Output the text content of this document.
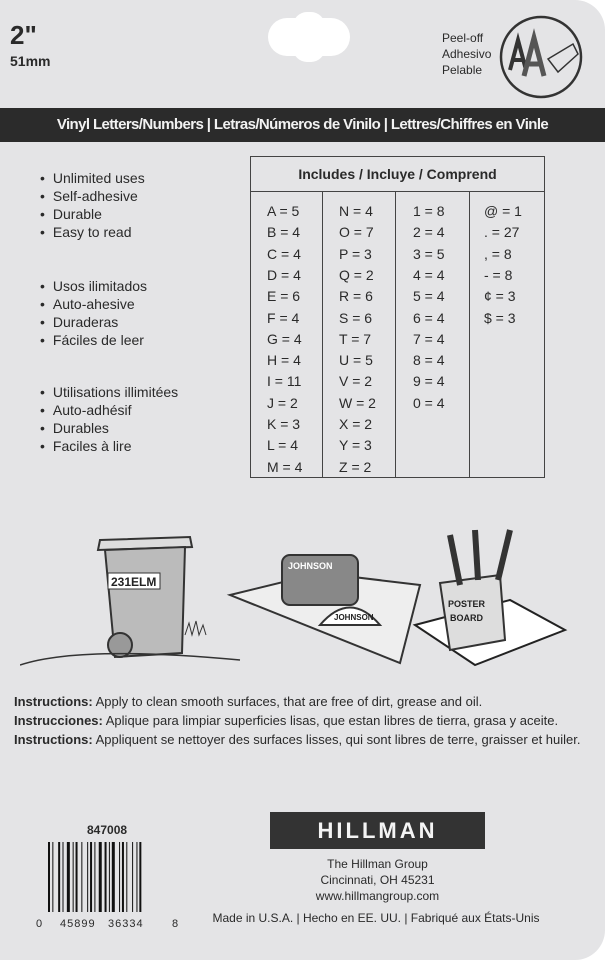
2"
51mm
Peel-off
Adhesivo
Pelable
Vinyl Letters/Numbers | Letras/Números de Vinilo | Lettres/Chiffres en Vinle
• Unlimited uses
• Self-adhesive
• Durable
• Easy to read
• Usos ilimitados
• Auto-ahesive
• Duraderas
• Fáciles de leer
• Utilisations illimitées
• Auto-adhésif
• Durables
• Faciles à lire
Includes / Incluye / Comprend
A = 5
B = 4
C = 4
D = 4
E = 6
F = 4
G = 4
H = 4
I = 11
J = 2
K = 3
L = 4
M = 4
N = 4
O = 7
P = 3
Q = 2
R = 6
S = 6
T = 7
U = 5
V = 2
W = 2
X = 2
Y = 3
Z = 2
1 = 8
2 = 4
3 = 5
4 = 4
5 = 4
6 = 4
7 = 4
8 = 4
9 = 4
0 = 4
@ = 1
. = 27
, = 8
- = 8
¢ = 3
$ = 3
231ELM
JOHNSON
JOHNSON
POSTER
BOARD
Instructions: Apply to clean smooth surfaces, that are free of dirt, grease and oil.
Instrucciones: Aplique para limpiar superficies lisas, que estan libres de tierra, grasa y aceite.
Instructions: Appliquent se nettoyer des surfaces lisses, qui sont libres de terre, graisser et huiler.
847008
0 45899 36334	8
HILLMAN
The Hillman Group
Cincinnati, OH 45231
www.hillmangroup.com
Made in U.S.A. | Hecho en EE. UU. | Fabriqué aux États-Unis
